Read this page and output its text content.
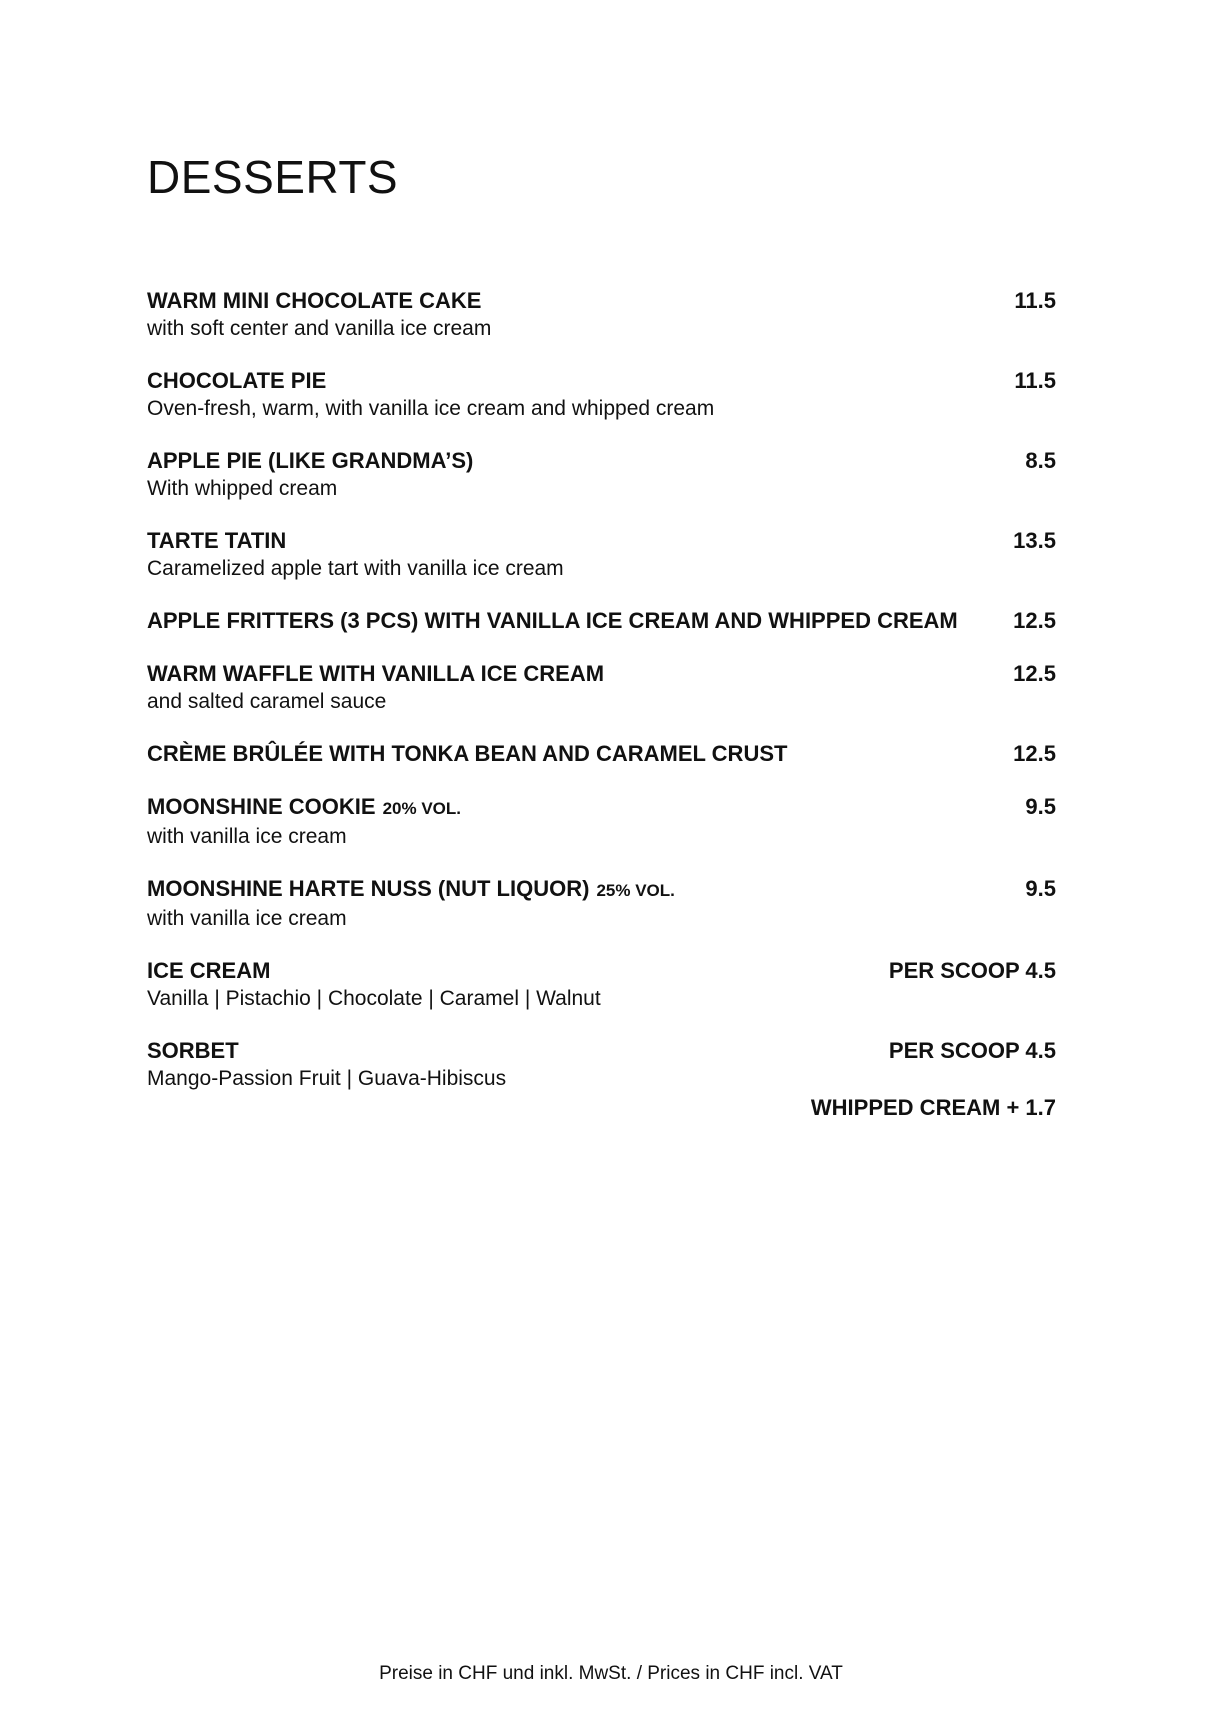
DESSERTS
WARM MINI CHOCOLATE CAKE	11.5
with soft center and vanilla ice cream
CHOCOLATE PIE	11.5
Oven-fresh, warm, with vanilla ice cream and whipped cream
APPLE PIE (LIKE GRANDMA’S)	8.5
With whipped cream
TARTE TATIN	13.5
Caramelized apple tart with vanilla ice cream
APPLE FRITTERS (3 PCS) WITH VANILLA ICE CREAM AND WHIPPED CREAM	12.5
WARM WAFFLE WITH VANILLA ICE CREAM	12.5
and salted caramel sauce
CRÈME BRÛLÉE WITH TONKA BEAN AND CARAMEL CRUST	12.5
MOONSHINE COOKIE 20% VOL.	9.5
with vanilla ice cream
MOONSHINE HARTE NUSS (NUT LIQUOR) 25% VOL.	9.5
with vanilla ice cream
ICE CREAM	PER SCOOP 4.5
Vanilla | Pistachio | Chocolate | Caramel | Walnut
SORBET	PER SCOOP 4.5
Mango-Passion Fruit | Guava-Hibiscus
WHIPPED CREAM + 1.7
Preise in CHF und inkl. MwSt. / Prices in CHF incl. VAT
